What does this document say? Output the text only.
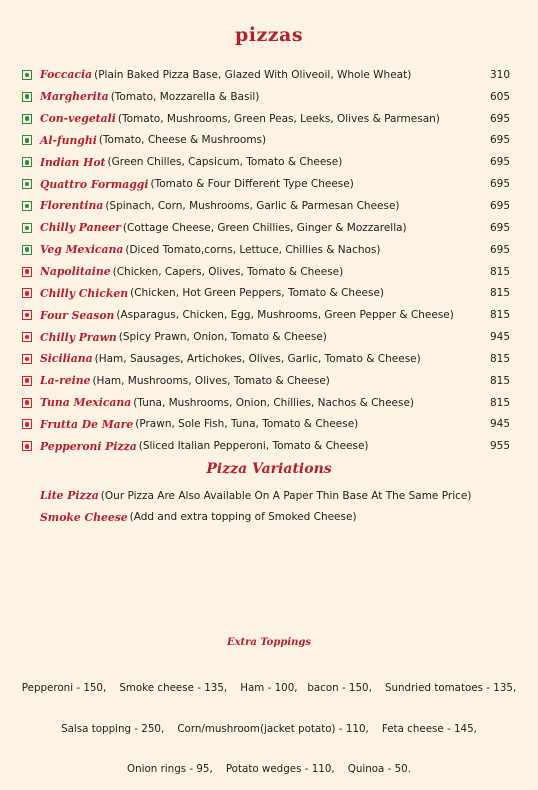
pizzas
Foccacia (Plain Baked Pizza Base, Glazed With Oliveoil, Whole Wheat)	310
Margherita (Tomato, Mozzarella & Basil)	605
Con-vegetali (Tomato, Mushrooms, Green Peas, Leeks, Olives & Parmesan)	695
Al-funghi (Tomato, Cheese & Mushrooms)	695
Indian Hot (Green Chilles, Capsicum, Tomato & Cheese)	695
Quattro Formaggi (Tomato & Four Different Type Cheese)	695
Florentina (Spinach, Corn, Mushrooms, Garlic & Parmesan Cheese)	695
Chilly Paneer (Cottage Cheese, Green Chillies, Ginger & Mozzarella)	695
Veg Mexicana (Diced Tomato,corns, Lettuce, Chillies & Nachos)	695
Napolitaine (Chicken, Capers, Olives, Tomato & Cheese)	815
Chilly Chicken (Chicken, Hot Green Peppers, Tomato & Cheese)	815
Four Season (Asparagus, Chicken, Egg, Mushrooms, Green Pepper & Cheese)	815
Chilly Prawn (Spicy Prawn, Onion, Tomato & Cheese)	945
Siciliana (Ham, Sausages, Artichokes, Olives, Garlic, Tomato & Cheese)	815
La-reine (Ham, Mushrooms, Olives, Tomato & Cheese)	815
Tuna Mexicana (Tuna, Mushrooms, Onion, Chillies, Nachos & Cheese)	815
Frutta De Mare (Prawn, Sole Fish, Tuna, Tomato & Cheese)	945
Pepperoni Pizza (Sliced Italian Pepperoni, Tomato & Cheese)	955
Pizza Variations
Lite Pizza (Our Pizza Are Also Available On A Paper Thin Base At The Same Price)
Smoke Cheese (Add and extra topping of Smoked Cheese)
Extra Toppings

Pepperoni - 150,    Smoke cheese - 135,    Ham - 100,   bacon - 150,    Sundried tomatoes - 135,

Salsa topping - 250,    Corn/mushroom(jacket potato) - 110,    Feta cheese - 145,

Onion rings - 95,    Potato wedges - 110,    Quinoa - 50.
